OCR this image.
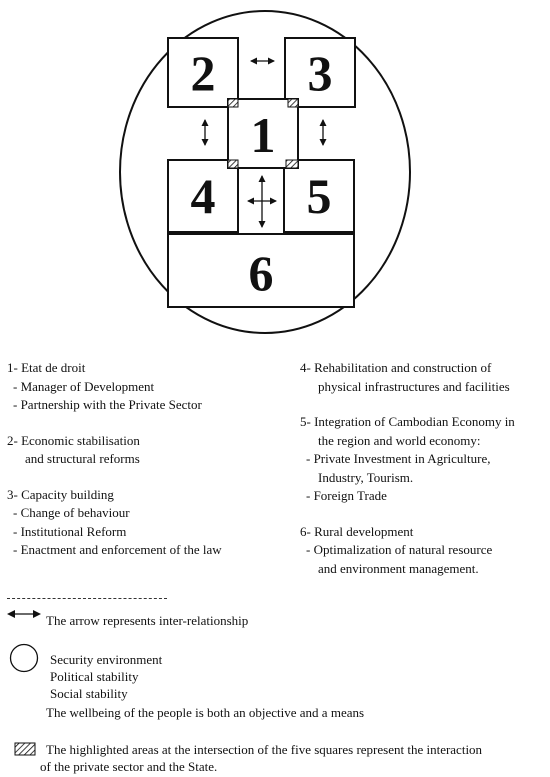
2 3
1
4 5
6
1- Etat de droit
- Manager of Development
- Partnership with the Private Sector
2- Economic stabilisation
and structural reforms
3- Capacity building
- Change of behaviour
- Institutional Reform
- Enactment and enforcement of the law
4- Rehabilitation and construction of
physical infrastructures and facilities
5- Integration of Cambodian Economy in
the region and world economy:
- Private Investment in Agriculture,
Industry, Tourism.
- Foreign Trade
6- Rural development
- Optimalization of natural resource
and environment management.
The arrow represents inter-relationship
Security environment
Political stability
Social stability
The wellbeing of the people is both an objective and a means
The highlighted areas at the intersection of the five squares represent the interaction
of the private sector and the State.
